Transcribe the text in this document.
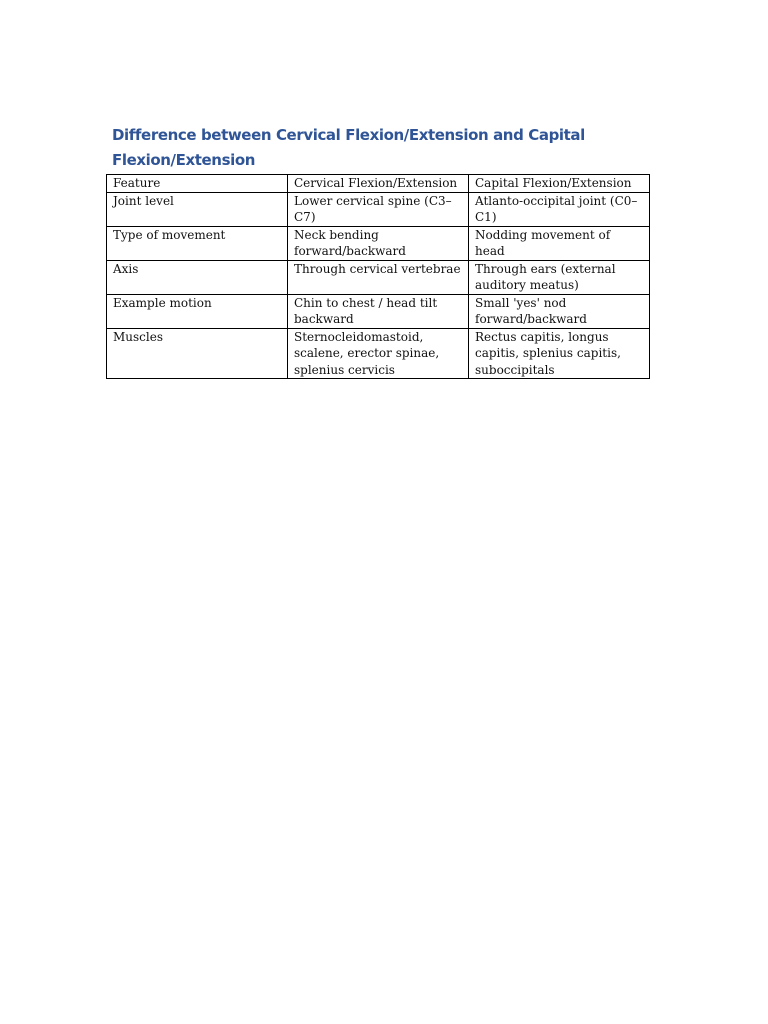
Difference between Cervical Flexion/Extension and Capital
Flexion/Extension
Feature	Cervical Flexion/Extension	Capital Flexion/Extension
Joint level	Lower cervical spine (C3–C7)	Atlanto-occipital joint (C0–C1)
Type of movement	Neck bending forward/backward	Nodding movement of head
Axis	Through cervical vertebrae	Through ears (external auditory meatus)
Example motion	Chin to chest / head tilt backward	Small 'yes' nod forward/backward
Muscles	Sternocleidomastoid, scalene, erector spinae, splenius cervicis	Rectus capitis, longus capitis, splenius capitis, suboccipitals
